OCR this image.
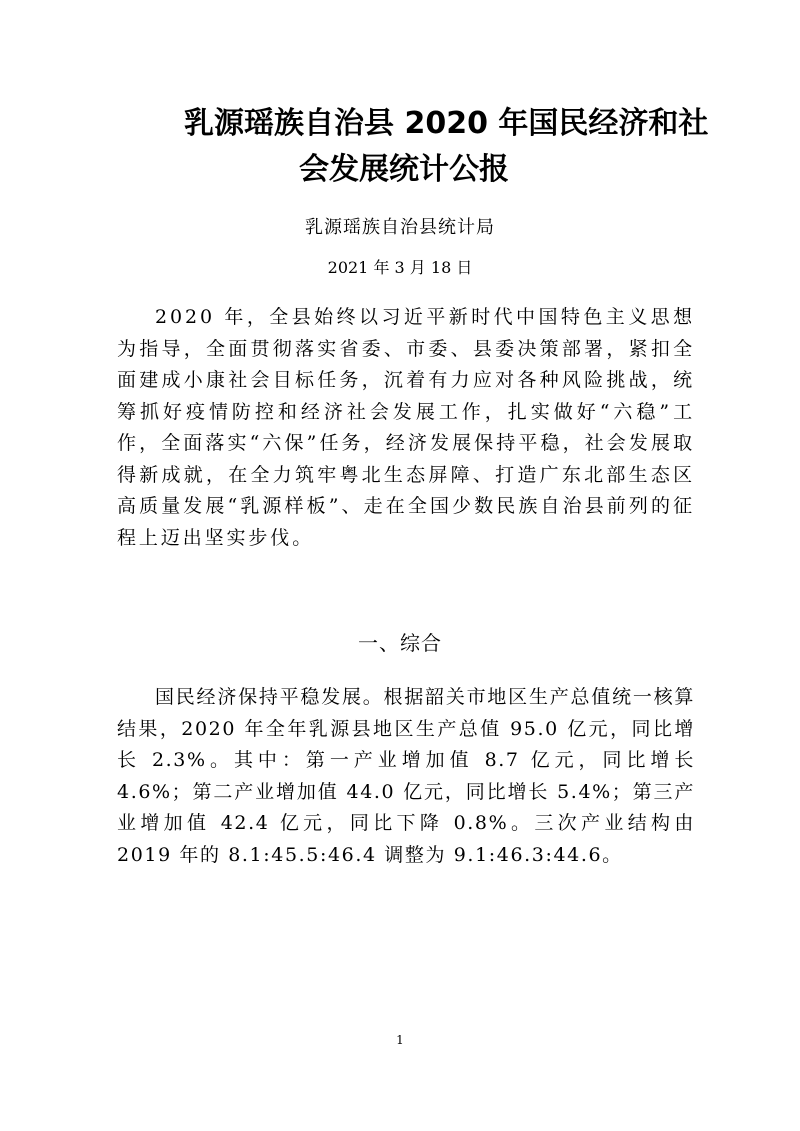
乳源瑶族自治县 2020 年国民经济和社
会发展统计公报
乳源瑶族自治县统计局
2021 年 3 月 18 日

2020 年，全县始终以习近平新时代中国特色主义思想为指导，全面贯彻落实省委、市委、县委决策部署，紧扣全面建成小康社会目标任务，沉着有力应对各种风险挑战，统筹抓好疫情防控和经济社会发展工作，扎实做好“六稳”工作，全面落实“六保”任务，经济发展保持平稳，社会发展取得新成就，在全力筑牢粤北生态屏障、打造广东北部生态区高质量发展“乳源样板”、走在全国少数民族自治县前列的征程上迈出坚实步伐。

一、综合

国民经济保持平稳发展。根据韶关市地区生产总值统一核算结果，2020 年全年乳源县地区生产总值 95.0 亿元，同比增长 2.3%。其中：第一产业增加值 8.7 亿元，同比增长 4.6%；第二产业增加值 44.0 亿元，同比增长 5.4%；第三产业增加值 42.4 亿元，同比下降 0.8%。三次产业结构由 2019 年的 8.1:45.5:46.4 调整为 9.1:46.3:44.6。

1
